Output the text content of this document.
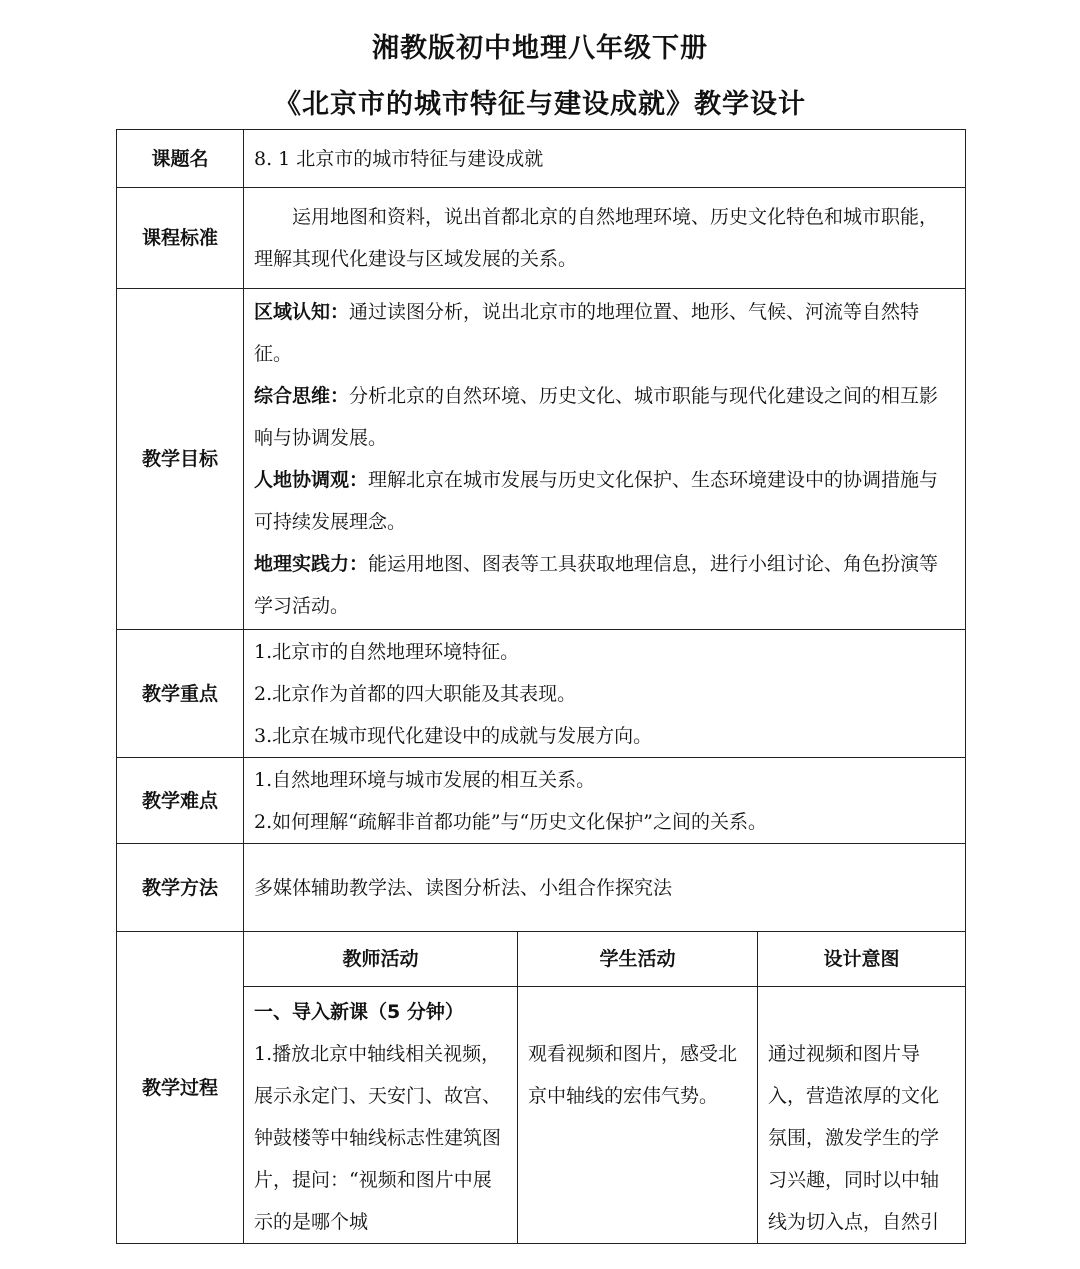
湘教版初中地理八年级下册
《北京市的城市特征与建设成就》教学设计
课题名	8. 1 北京市的城市特征与建设成就		
课程标准	运用地图和资料，说出首都北京的自然地理环境、历史文化特色和城市职能，理解其现代化建设与区域发展的关系。		
教学目标	区域认知：通过读图分析，说出北京市的地理位置、地形、气候、河流等自然特征。
综合思维：分析北京的自然环境、历史文化、城市职能与现代化建设之间的相互影响与协调发展。
人地协调观：理解北京在城市发展与历史文化保护、生态环境建设中的协调措施与可持续发展理念。
地理实践力：能运用地图、图表等工具获取地理信息，进行小组讨论、角色扮演等学习活动。		

教学重点	1.北京市的自然地理环境特征。
2.北京作为首都的四大职能及其表现。
3.北京在城市现代化建设中的成就与发展方向。		

教学难点	1.自然地理环境与城市发展的相互关系。
2.如何理解“疏解非首都功能”与“历史文化保护”之间的关系。		

教学方法	多媒体辅助教学法、读图分析法、小组合作探究法		
教学过程	教师活动	学生活动	设计意图

	一、导入新课（5 分钟）
1.播放北京中轴线相关视频，展示永定门、天安门、故宫、钟鼓楼等中轴线标志性建筑图片，提问：“视频和图片中展示的是哪个城	观看视频和图片，感受北京中轴线的宏伟气势。	通过视频和图片导入，营造浓厚的文化氛围，激发学生的学习兴趣，同时以中轴线为切入点，自然引
